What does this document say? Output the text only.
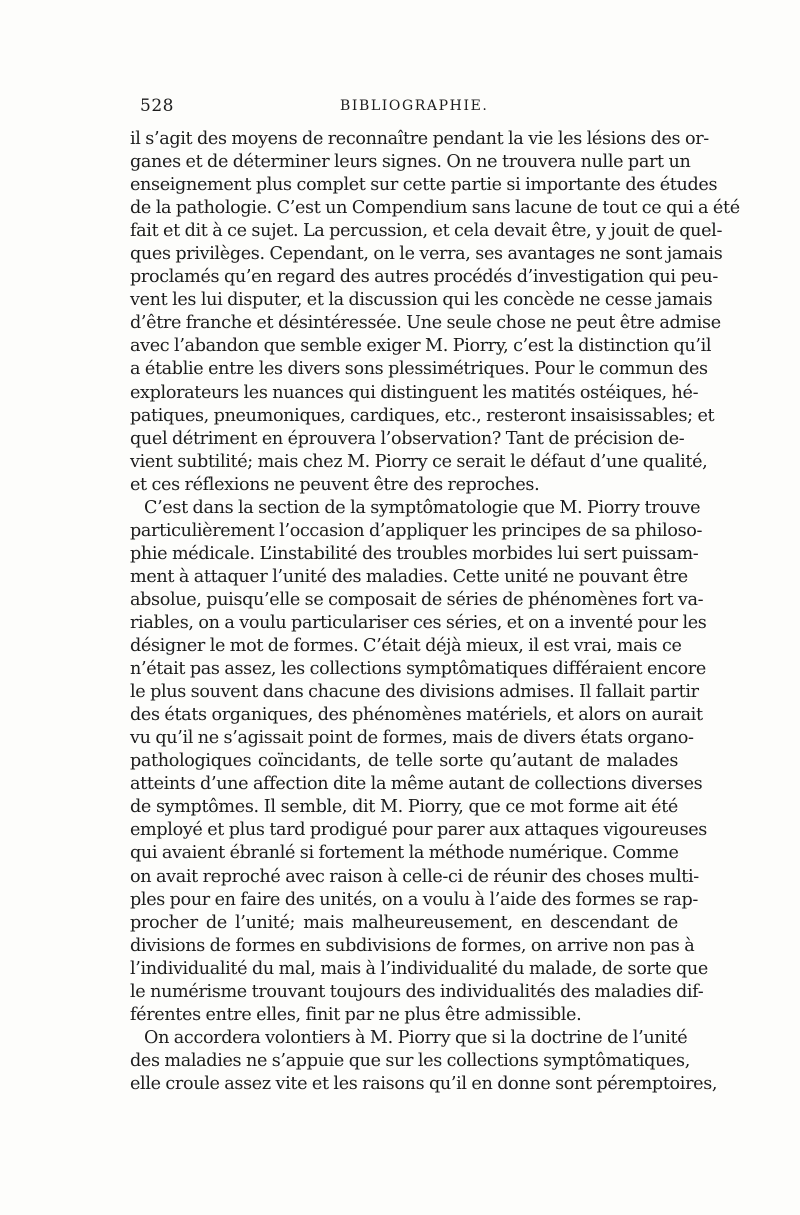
528	BIBLIOGRAPHIE.
il s’agit des moyens de reconnaître pendant la vie les lésions des or-
ganes et de déterminer leurs signes. On ne trouvera nulle part un
enseignement plus complet sur cette partie si importante des études
de la pathologie. C’est un Compendium sans lacune de tout ce qui a été
fait et dit à ce sujet. La percussion, et cela devait être, y jouit de quel-
ques privilèges. Cependant, on le verra, ses avantages ne sont jamais
proclamés qu’en regard des autres procédés d’investigation qui peu-
vent les lui disputer, et la discussion qui les concède ne cesse jamais
d’être franche et désintéressée. Une seule chose ne peut être admise
avec l’abandon que semble exiger M. Piorry, c’est la distinction qu’il
a établie entre les divers sons plessimétriques. Pour le commun des
explorateurs les nuances qui distinguent les matités ostéiques, hé-
patiques, pneumoniques, cardiques, etc., resteront insaisissables; et
quel détriment en éprouvera l’observation? Tant de précision de-
vient subtilité; mais chez M. Piorry ce serait le défaut d’une qualité,
et ces réflexions ne peuvent être des reproches.
C’est dans la section de la symptômatologie que M. Piorry trouve
particulièrement l’occasion d’appliquer les principes de sa philoso-
phie médicale. L’instabilité des troubles morbides lui sert puissam-
ment à attaquer l’unité des maladies. Cette unité ne pouvant être
absolue, puisqu’elle se composait de séries de phénomènes fort va-
riables, on a voulu particulariser ces séries, et on a inventé pour les
désigner le mot de formes. C’était déjà mieux, il est vrai, mais ce
n’était pas assez, les collections symptômatiques différaient encore
le plus souvent dans chacune des divisions admises. Il fallait partir
des états organiques, des phénomènes matériels, et alors on aurait
vu qu’il ne s’agissait point de formes, mais de divers états organo-
pathologiques coïncidants, de telle sorte qu’autant de malades
atteints d’une affection dite la même autant de collections diverses
de symptômes. Il semble, dit M. Piorry, que ce mot forme ait été
employé et plus tard prodigué pour parer aux attaques vigoureuses
qui avaient ébranlé si fortement la méthode numérique. Comme
on avait reproché avec raison à celle-ci de réunir des choses multi-
ples pour en faire des unités, on a voulu à l’aide des formes se rap-
procher de l’unité; mais malheureusement, en descendant de
divisions de formes en subdivisions de formes, on arrive non pas à
l’individualité du mal, mais à l’individualité du malade, de sorte que
le numérisme trouvant toujours des individualités des maladies dif-
férentes entre elles, finit par ne plus être admissible.
On accordera volontiers à M. Piorry que si la doctrine de l’unité
des maladies ne s’appuie que sur les collections symptômatiques,
elle croule assez vite et les raisons qu’il en donne sont péremptoires,
